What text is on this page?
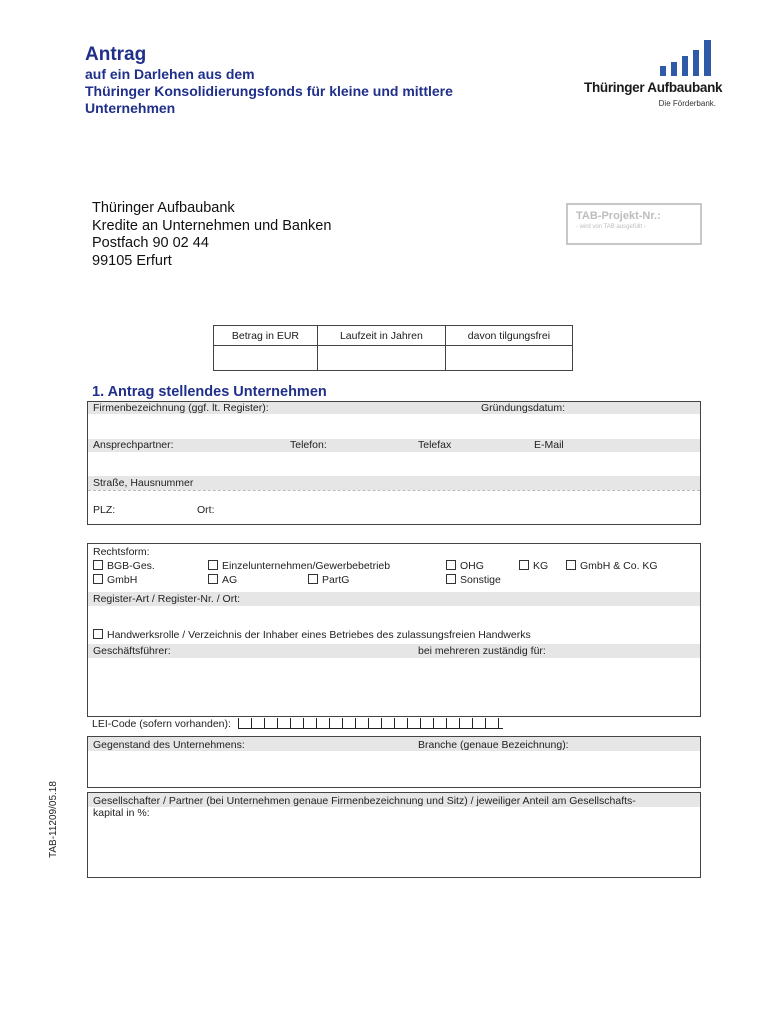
Antrag
auf ein Darlehen aus dem
Thüringer Konsolidierungsfonds für kleine und mittlere
Unternehmen
Thüringer Aufbaubank
Die Förderbank.
Thüringer Aufbaubank
Kredite an Unternehmen und Banken
Postfach 90 02 44
99105 Erfurt
TAB-Projekt-Nr.:
- wird von TAB ausgefüllt -
Betrag in EUR	Laufzeit in Jahren	davon tilgungsfrei

1. Antrag stellendes Unternehmen
Firmenbezeichnung (ggf. lt. Register):	Gründungsdatum:
Ansprechpartner:	Telefon:	Telefax	E-Mail
Straße, Hausnummer
PLZ:	Ort:
Rechtsform:
BGB-Ges.	Einzelunternehmen/Gewerbebetrieb	OHG	KG	GmbH & Co. KG
GmbH	AG	PartG	Sonstige
Register-Art / Register-Nr. / Ort:
Handwerksrolle / Verzeichnis der Inhaber eines Betriebes des zulassungsfreien Handwerks
Geschäftsführer:	bei mehreren zuständig für:
LEI-Code (sofern vorhanden):
Gegenstand des Unternehmens:	Branche (genaue Bezeichnung):
Gesellschafter / Partner (bei Unternehmen genaue Firmenbezeichnung und Sitz) / jeweiliger Anteil am Gesellschafts-
kapital in %:
TAB-11209/05.18
